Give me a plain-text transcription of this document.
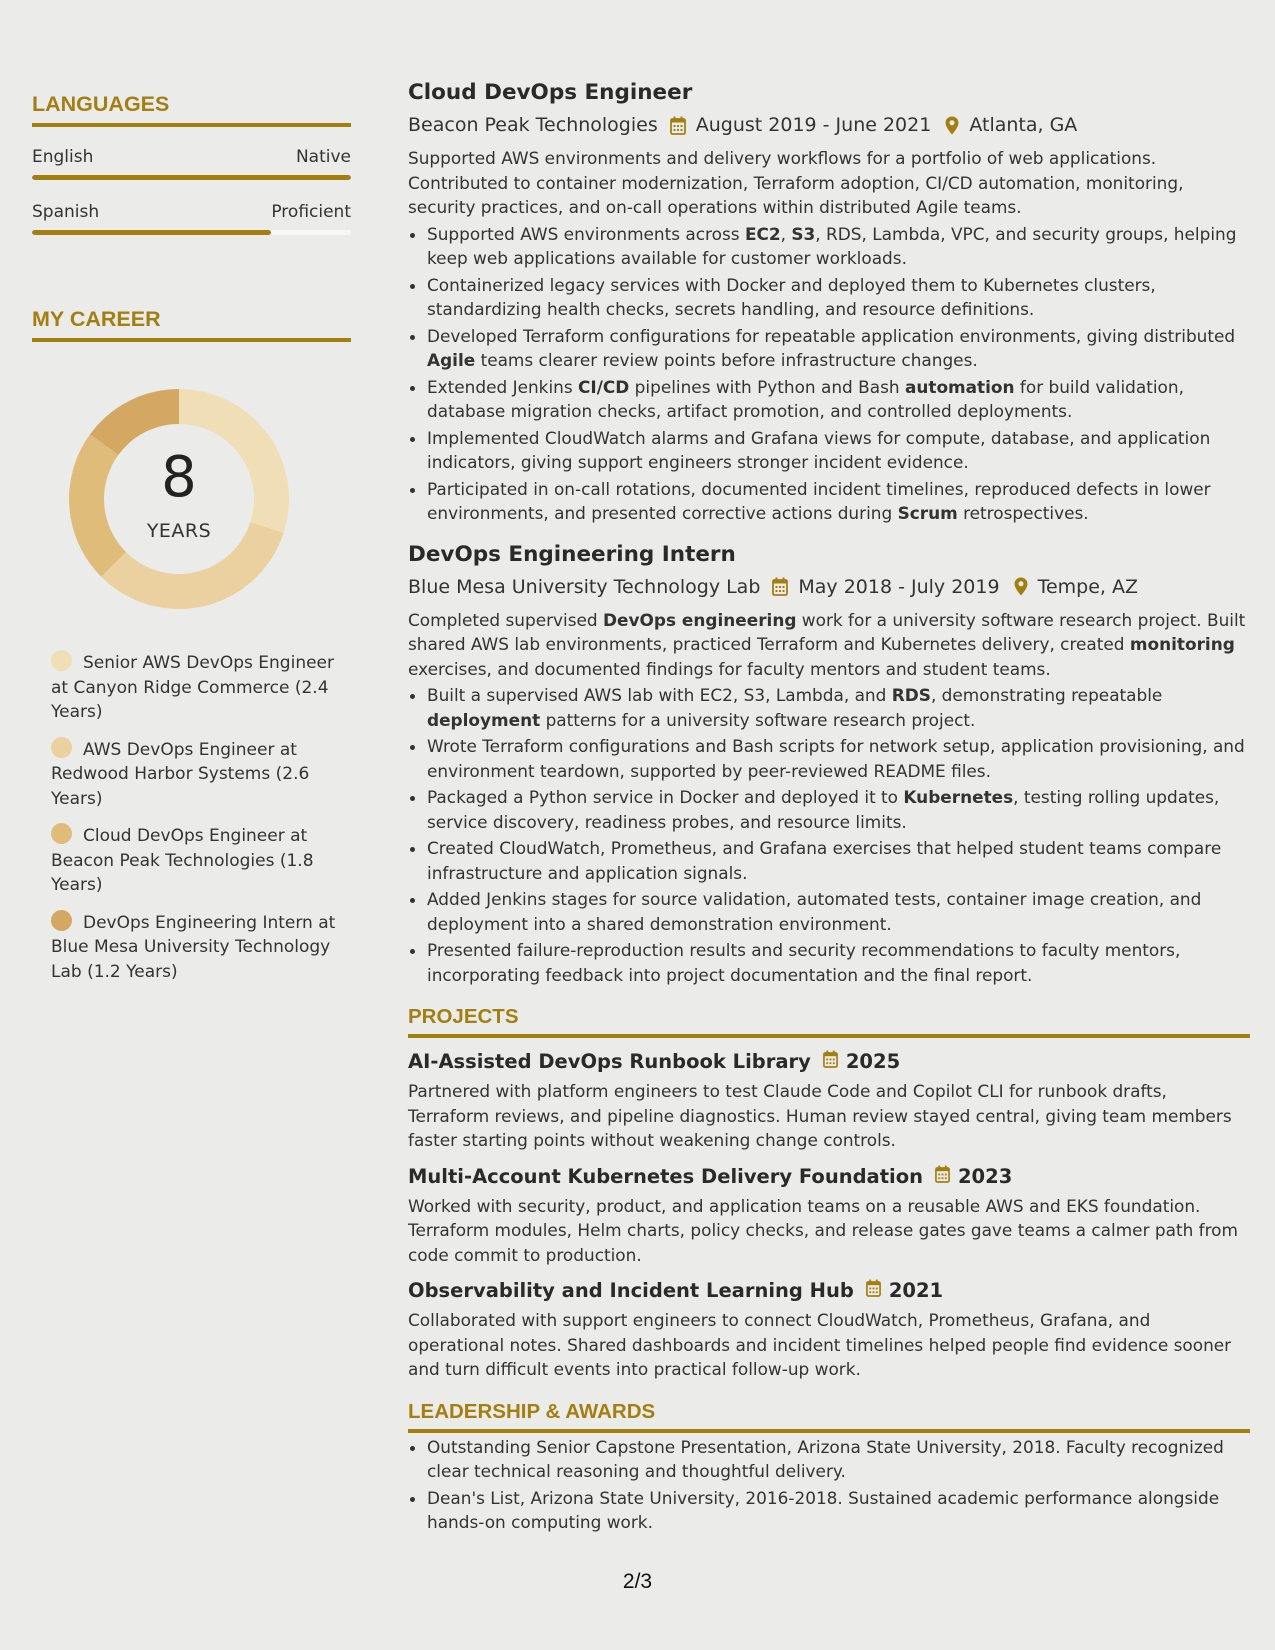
LANGUAGES
English	Native
Spanish	Proficient
MY CAREER
8
YEARS
Senior AWS DevOps Engineer at Canyon Ridge Commerce (2.4 Years)
AWS DevOps Engineer at Redwood Harbor Systems (2.6 Years)
Cloud DevOps Engineer at Beacon Peak Technologies (1.8 Years)
DevOps Engineering Intern at Blue Mesa University Technology Lab (1.2 Years)
Cloud DevOps Engineer
Beacon Peak Technologies August 2019 - June 2021 Atlanta, GA
Supported AWS environments and delivery workflows for a portfolio of web applications. Contributed to container modernization, Terraform adoption, CI/CD automation, monitoring, security practices, and on-call operations within distributed Agile teams.
• Supported AWS environments across EC2, S3, RDS, Lambda, VPC, and security groups, helping keep web applications available for customer workloads.
• Containerized legacy services with Docker and deployed them to Kubernetes clusters, standardizing health checks, secrets handling, and resource definitions.
• Developed Terraform configurations for repeatable application environments, giving distributed Agile teams clearer review points before infrastructure changes.
• Extended Jenkins CI/CD pipelines with Python and Bash automation for build validation, database migration checks, artifact promotion, and controlled deployments.
• Implemented CloudWatch alarms and Grafana views for compute, database, and application indicators, giving support engineers stronger incident evidence.
• Participated in on-call rotations, documented incident timelines, reproduced defects in lower environments, and presented corrective actions during Scrum retrospectives.
DevOps Engineering Intern
Blue Mesa University Technology Lab May 2018 - July 2019 Tempe, AZ
Completed supervised DevOps engineering work for a university software research project. Built shared AWS lab environments, practiced Terraform and Kubernetes delivery, created monitoring exercises, and documented findings for faculty mentors and student teams.
• Built a supervised AWS lab with EC2, S3, Lambda, and RDS, demonstrating repeatable deployment patterns for a university software research project.
• Wrote Terraform configurations and Bash scripts for network setup, application provisioning, and environment teardown, supported by peer-reviewed README files.
• Packaged a Python service in Docker and deployed it to Kubernetes, testing rolling updates, service discovery, readiness probes, and resource limits.
• Created CloudWatch, Prometheus, and Grafana exercises that helped student teams compare infrastructure and application signals.
• Added Jenkins stages for source validation, automated tests, container image creation, and deployment into a shared demonstration environment.
• Presented failure-reproduction results and security recommendations to faculty mentors, incorporating feedback into project documentation and the final report.
PROJECTS
AI-Assisted DevOps Runbook Library 2025
Partnered with platform engineers to test Claude Code and Copilot CLI for runbook drafts, Terraform reviews, and pipeline diagnostics. Human review stayed central, giving team members faster starting points without weakening change controls.
Multi-Account Kubernetes Delivery Foundation 2023
Worked with security, product, and application teams on a reusable AWS and EKS foundation. Terraform modules, Helm charts, policy checks, and release gates gave teams a calmer path from code commit to production.
Observability and Incident Learning Hub 2021
Collaborated with support engineers to connect CloudWatch, Prometheus, Grafana, and operational notes. Shared dashboards and incident timelines helped people find evidence sooner and turn difficult events into practical follow-up work.
LEADERSHIP & AWARDS
• Outstanding Senior Capstone Presentation, Arizona State University, 2018. Faculty recognized clear technical reasoning and thoughtful delivery.
• Dean's List, Arizona State University, 2016-2018. Sustained academic performance alongside hands-on computing work.
2/3
